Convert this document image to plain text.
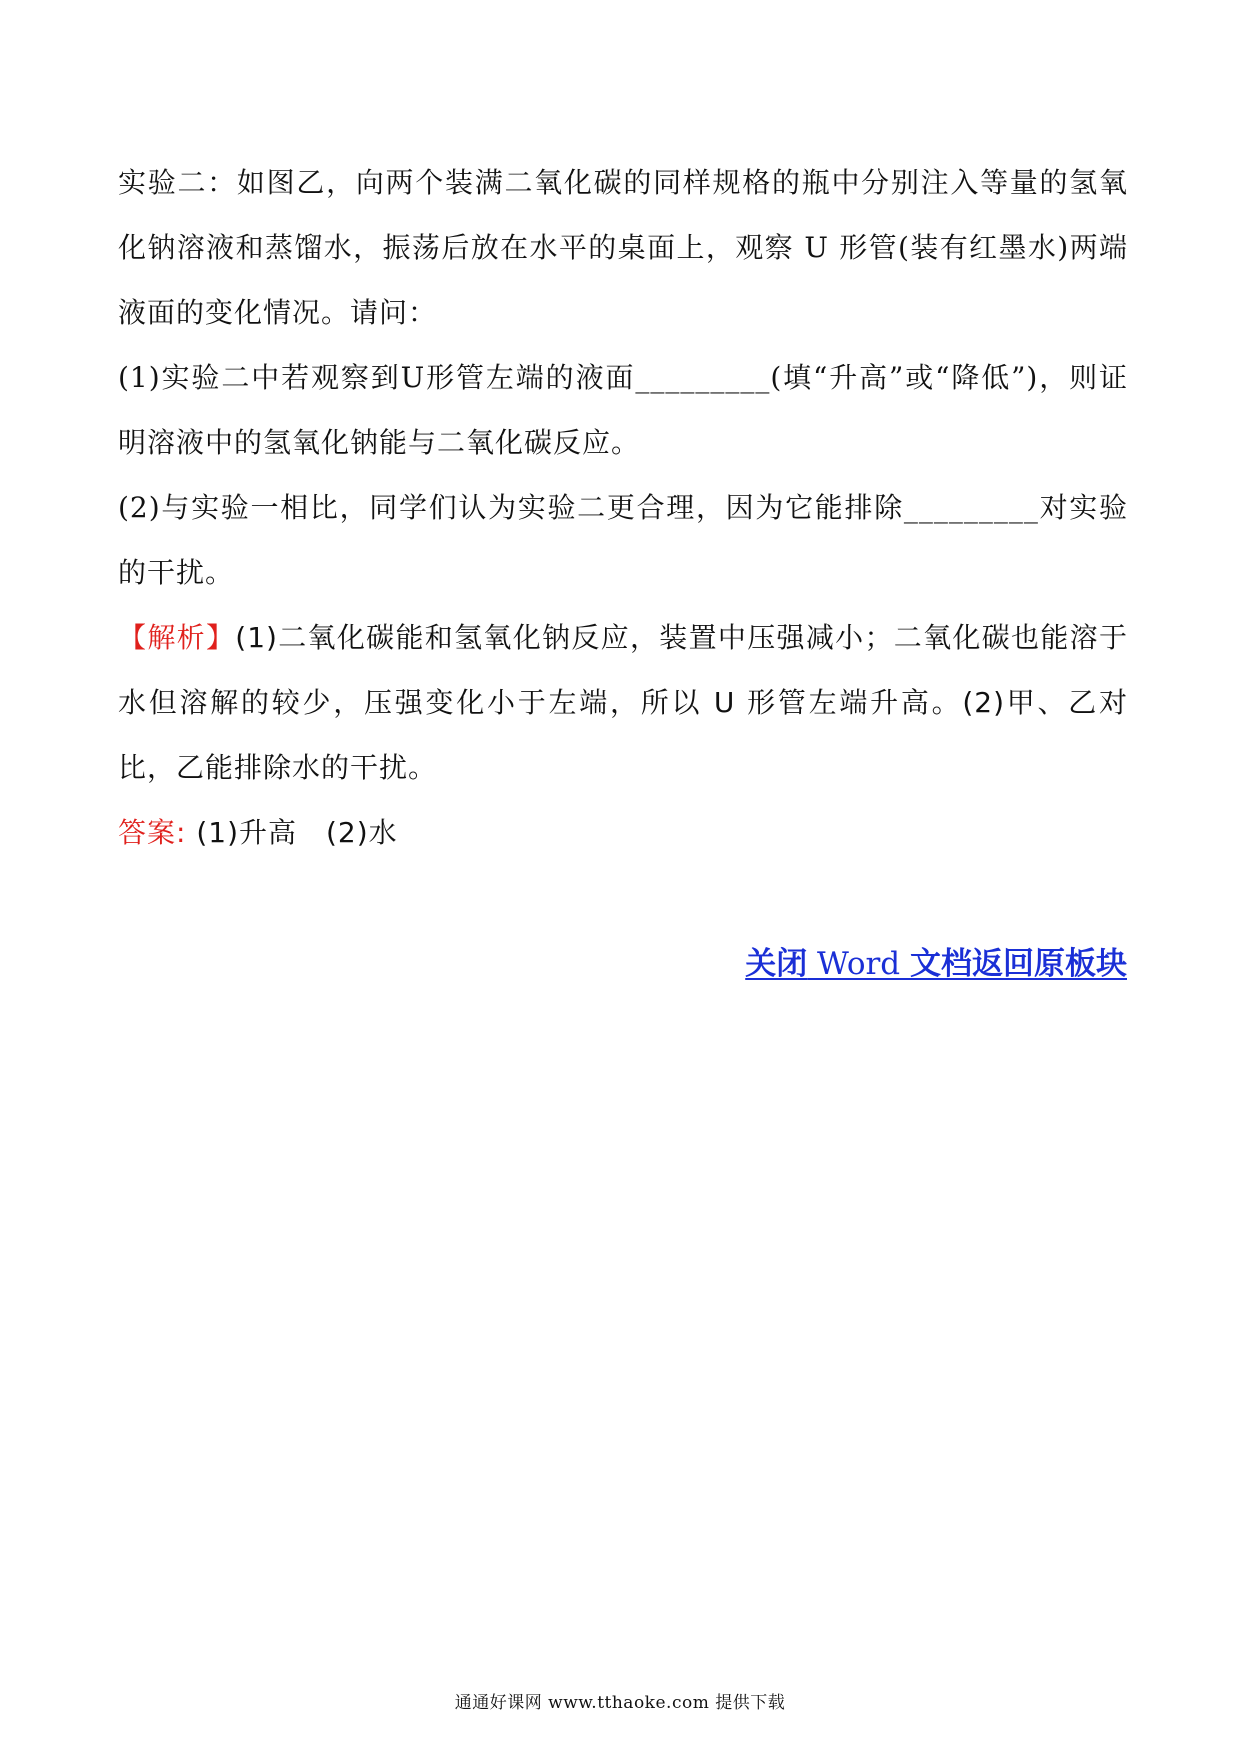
实验二：如图乙，向两个装满二氧化碳的同样规格的瓶中分别注入等量的氢氧化钠溶液和蒸馏水，振荡后放在水平的桌面上，观察 U 形管(装有红墨水)两端液面的变化情况。请问：

(1)实验二中若观察到U形管左端的液面_________(填“升高”或“降低”)，则证明溶液中的氢氧化钠能与二氧化碳反应。

(2)与实验一相比，同学们认为实验二更合理，因为它能排除_________对实验的干扰。

【解析】(1)二氧化碳能和氢氧化钠反应，装置中压强减小；二氧化碳也能溶于水但溶解的较少，压强变化小于左端，所以 U 形管左端升高。(2)甲、乙对比，乙能排除水的干扰。

答案: (1)升高　(2)水

关闭 Word 文档返回原板块
通通好课网 www.tthaoke.com 提供下载
